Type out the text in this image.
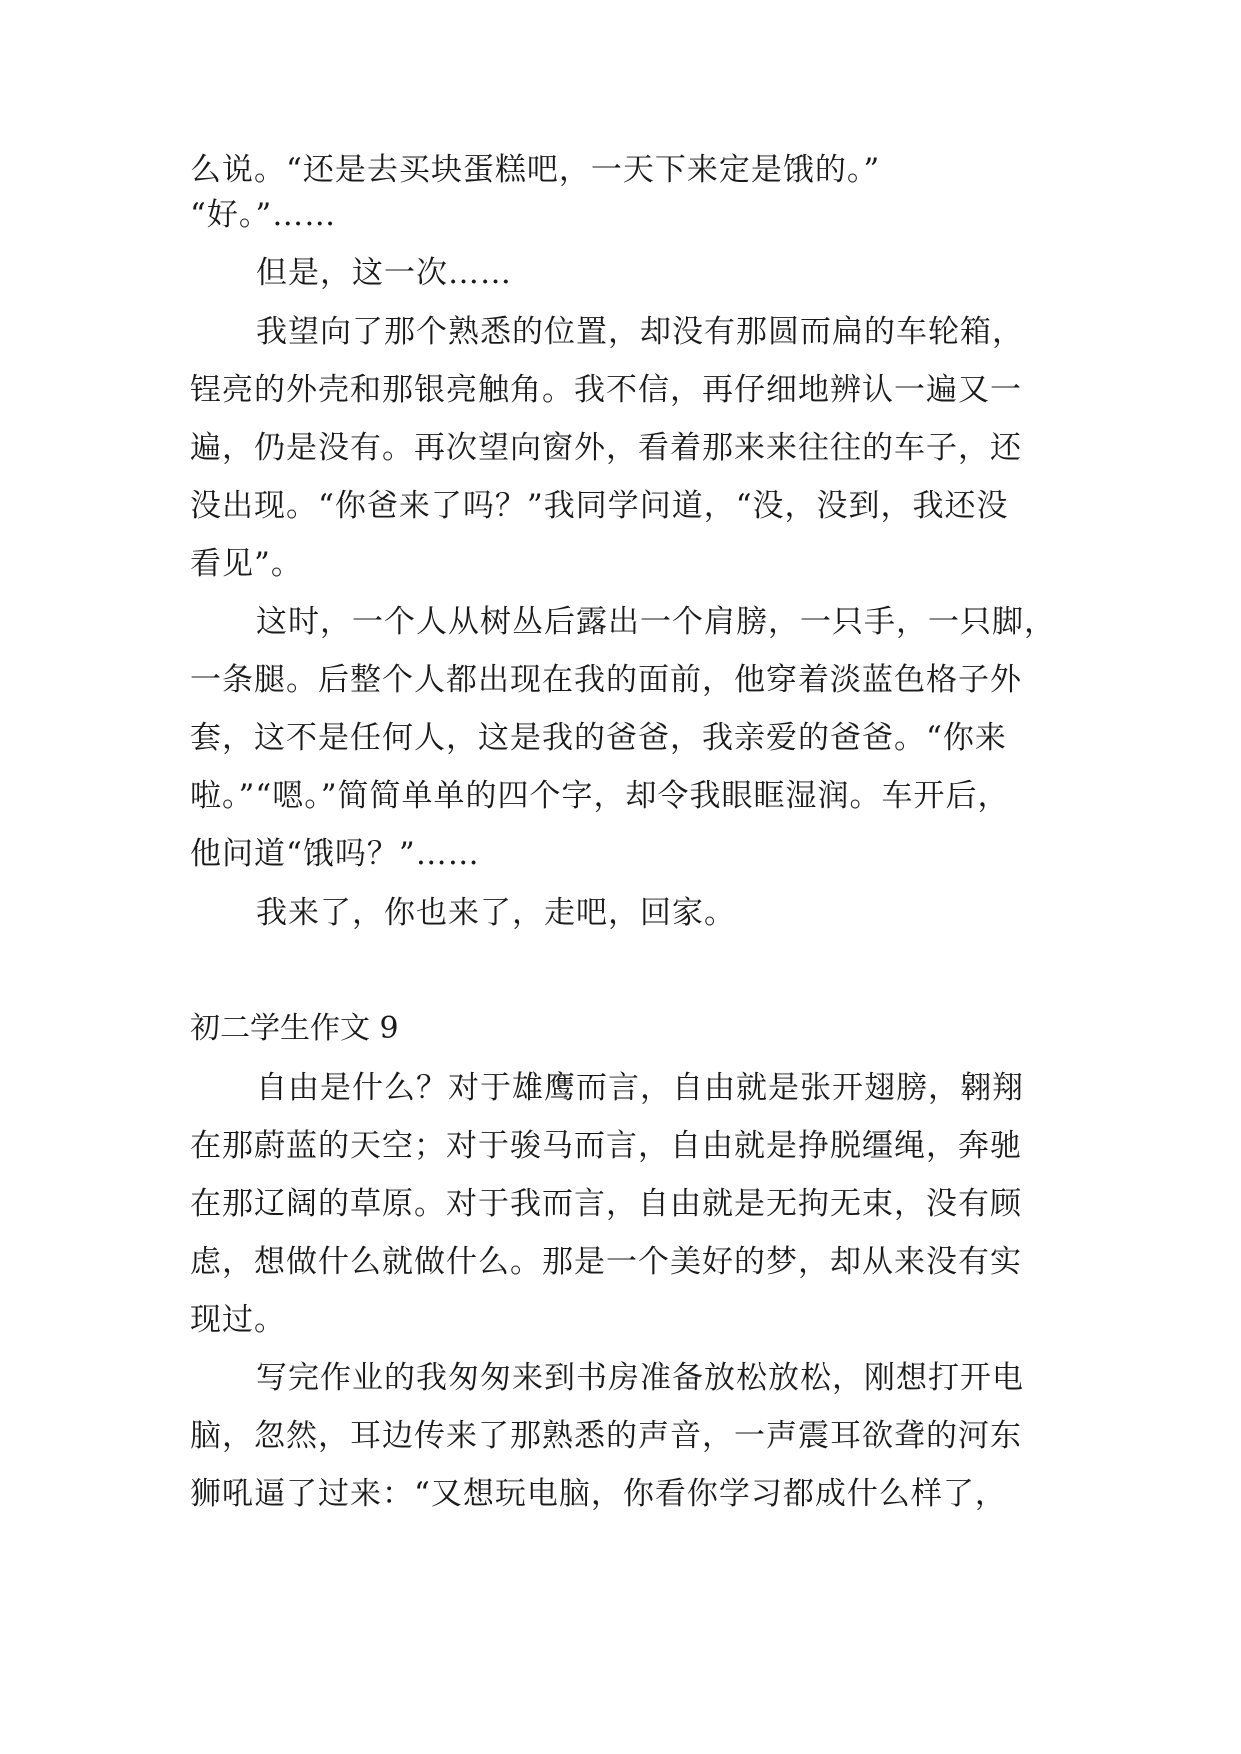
么说。“还是去买块蛋糕吧，一天下来定是饿的。”
“好。”……
但是，这一次……
我望向了那个熟悉的位置，却没有那圆而扁的车轮箱，
锃亮的外壳和那银亮触角。我不信，再仔细地辨认一遍又一
遍，仍是没有。再次望向窗外，看着那来来往往的车子，还
没出现。“你爸来了吗？”我同学问道，“没，没到，我还没
看见”。
这时，一个人从树丛后露出一个肩膀，一只手，一只脚，
一条腿。后整个人都出现在我的面前，他穿着淡蓝色格子外
套，这不是任何人，这是我的爸爸，我亲爱的爸爸。“你来
啦。”“嗯。”简简单单的四个字，却令我眼眶湿润。车开后，
他问道“饿吗？”……
我来了，你也来了，走吧，回家。
初二学生作文 9
自由是什么？对于雄鹰而言，自由就是张开翅膀，翱翔
在那蔚蓝的天空；对于骏马而言，自由就是挣脱缰绳，奔驰
在那辽阔的草原。对于我而言，自由就是无拘无束，没有顾
虑，想做什么就做什么。那是一个美好的梦，却从来没有实
现过。
写完作业的我匆匆来到书房准备放松放松，刚想打开电
脑，忽然，耳边传来了那熟悉的声音，一声震耳欲聋的河东
狮吼逼了过来：“又想玩电脑，你看你学习都成什么样了，
